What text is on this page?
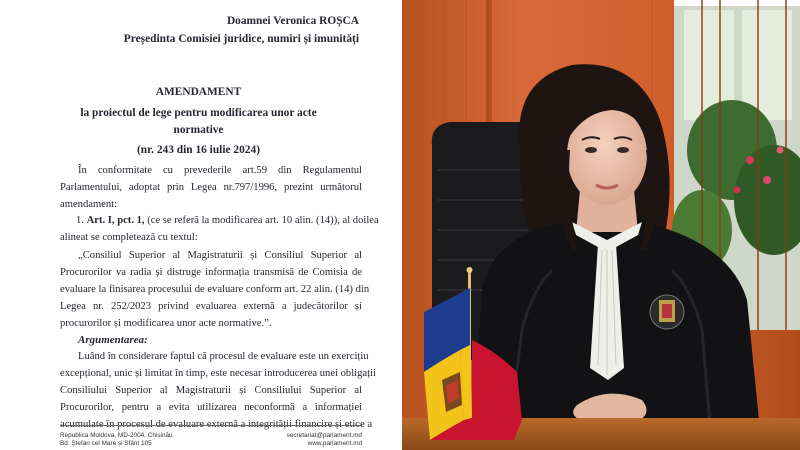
Doamnei Veronica ROȘCA
Președinta Comisiei juridice, numiri și imunități
AMENDAMENT
la proiectul de lege pentru modificarea unor acte
normative
(nr. 243 din 16 iulie 2024)
În conformitate cu prevederile art.59 din Regulamentul
Parlamentului, adoptat prin Legea nr.797/1996, prezint următorul
amendament:
1. Art. I, pct. 1, (ce se referă la modificarea art. 10 alin. (14)), al doilea
alineat se completează cu textul:
„Consiliul Superior al Magistraturii și Consiliul Superior al
Procurorilor va radia și distruge informația transmisă de Comisia de
evaluare la finisarea procesului de evaluare conform art. 22 alin. (14) din
Legea nr. 252/2023 privind evaluarea externă a judecătorilor și
procurorilor și modificarea unor acte normative.”.
Argumentarea:
Luând în considerare faptul că procesul de evaluare este un exercițiu
excepțional, unic și limitat în timp, este necesar introducerea unei obligații
Consiliului Superior al Magistraturii și Consiliului Superior al
Procurorilor, pentru a evita utilizarea neconformă a informației
acumulate în procesul de evaluare externă a integrității financire și etice a
Republica Moldova, MD-2004, Chișinău
Bd. Ștefan cel Mare și Sfânt 105
secretariat@parlament.md
www.parlament.md
